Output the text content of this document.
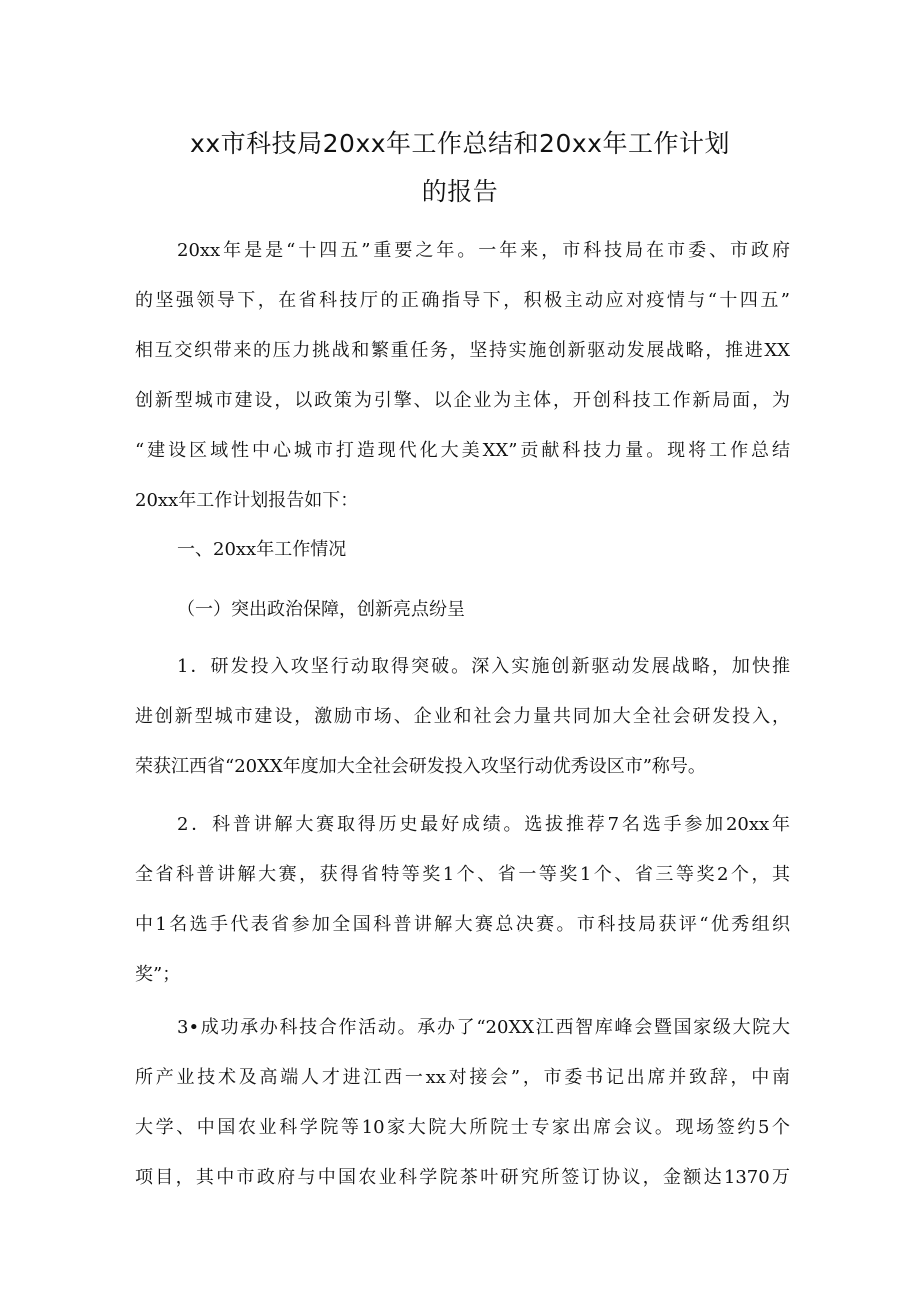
xx市科技局20xx年工作总结和20xx年工作计划
的报告
20xx年是是“十四五”重要之年。一年来，市科技局在市委、市政府
的坚强领导下，在省科技厅的正确指导下，积极主动应对疫情与“十四五”
相互交织带来的压力挑战和繁重任务，坚持实施创新驱动发展战略，推进XX
创新型城市建设，以政策为引擎、以企业为主体，开创科技工作新局面，为
“建设区域性中心城市打造现代化大美XX”贡献科技力量。现将工作总结
20xx年工作计划报告如下：
一、20xx年工作情况
（一）突出政治保障，创新亮点纷呈
1．研发投入攻坚行动取得突破。深入实施创新驱动发展战略，加快推
进创新型城市建设，激励市场、企业和社会力量共同加大全社会研发投入，
荣获江西省“20XX年度加大全社会研发投入攻坚行动优秀设区市”称号。
2．科普讲解大赛取得历史最好成绩。选拔推荐7名选手参加20xx年
全省科普讲解大赛，获得省特等奖1个、省一等奖1个、省三等奖2个，其
中1名选手代表省参加全国科普讲解大赛总决赛。市科技局获评“优秀组织
奖”；
3•成功承办科技合作活动。承办了“20XX江西智库峰会暨国家级大院大
所产业技术及高端人才进江西一xx对接会”，市委书记出席并致辞，中南
大学、中国农业科学院等10家大院大所院士专家出席会议。现场签约5个
项目，其中市政府与中国农业科学院茶叶研究所签订协议，金额达1370万
